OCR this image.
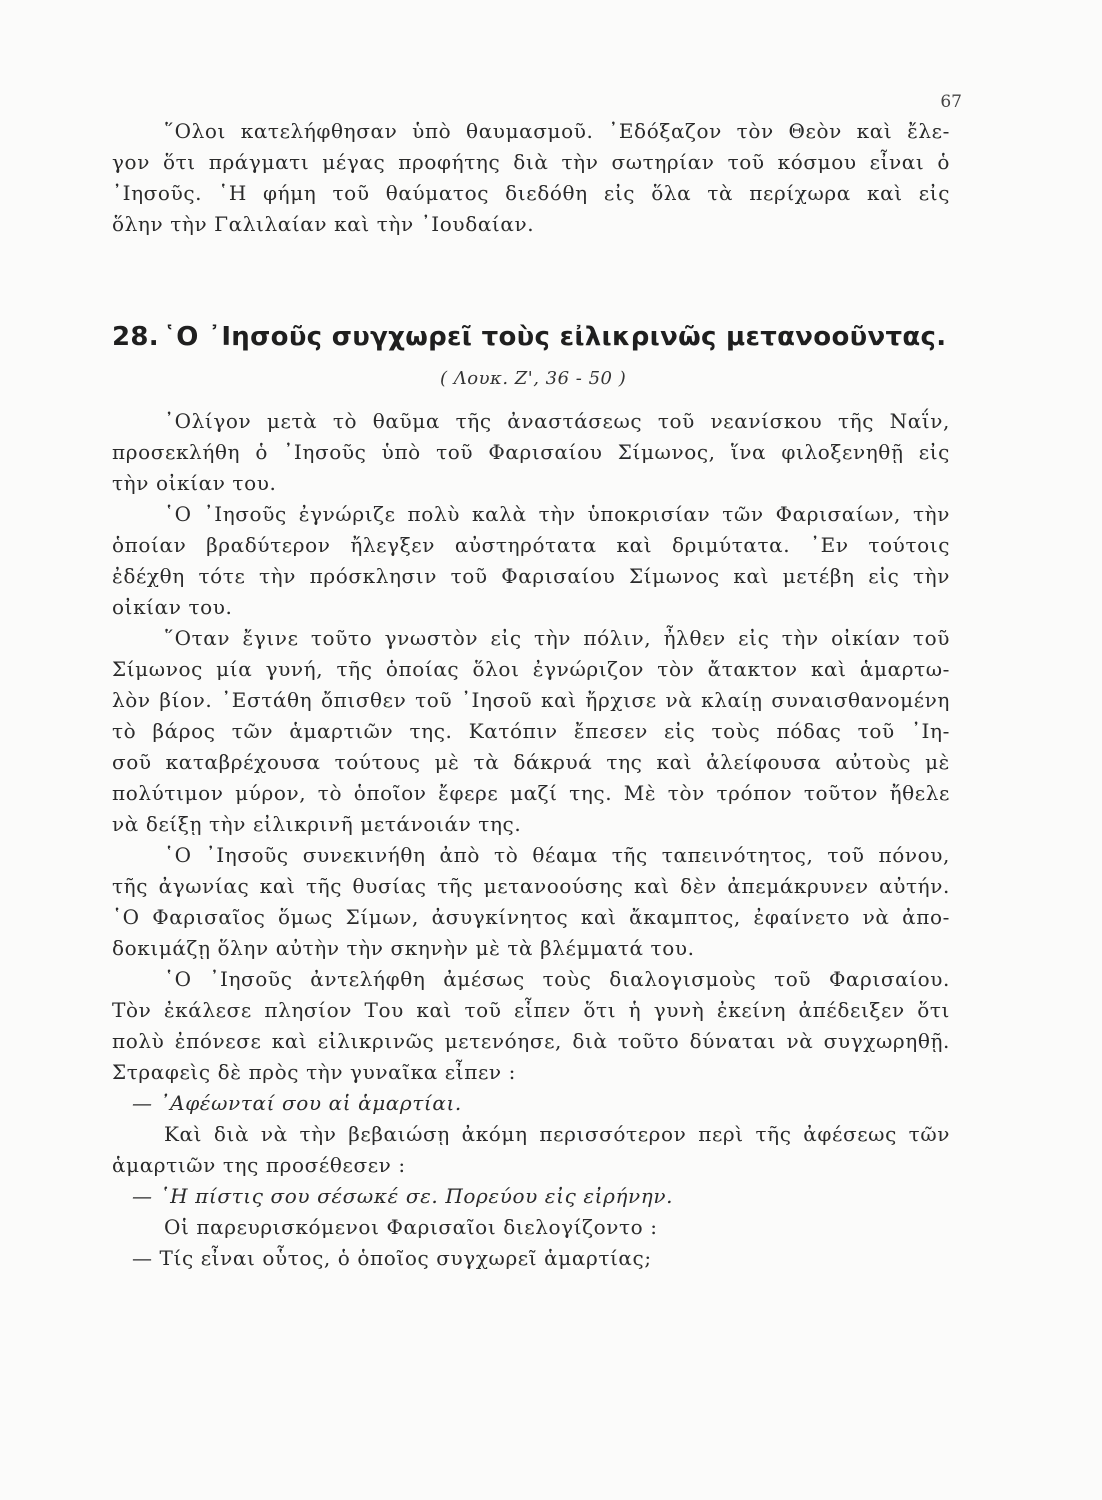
67
῞Ολοι κατελήφθησαν ὑπὸ θαυμασμοῦ. ᾿Εδόξαζον τὸν Θεὸν καὶ ἔλε-
γον ὅτι πράγματι μέγας προφήτης διὰ τὴν σωτηρίαν τοῦ κόσμου εἶναι ὁ
᾿Ιησοῦς. ῾Η φήμη τοῦ θαύματος διεδόθη εἰς ὅλα τὰ περίχωρα καὶ εἰς
ὅλην τὴν Γαλιλαίαν καὶ τὴν ᾿Ιουδαίαν.
28. ῾Ο ᾿Ιησοῦς συγχωρεῖ τοὺς εἰλικρινῶς μετανοοῦντας.
( Λουκ. Ζ', 36 - 50 )
᾿Ολίγον μετὰ τὸ θαῦμα τῆς ἀναστάσεως τοῦ νεανίσκου τῆς Ναΐν,
προσεκλήθη ὁ ᾿Ιησοῦς ὑπὸ τοῦ Φαρισαίου Σίμωνος, ἵνα φιλοξενηθῇ εἰς
τὴν οἰκίαν του.
῾Ο ᾿Ιησοῦς ἐγνώριζε πολὺ καλὰ τὴν ὑποκρισίαν τῶν Φαρισαίων, τὴν
ὁποίαν βραδύτερον ἤλεγξεν αὐστηρότατα καὶ δριμύτατα. ᾿Εν τούτοις
ἐδέχθη τότε τὴν πρόσκλησιν τοῦ Φαρισαίου Σίμωνος καὶ μετέβη εἰς τὴν
οἰκίαν του.
῞Οταν ἔγινε τοῦτο γνωστὸν εἰς τὴν πόλιν, ἦλθεν εἰς τὴν οἰκίαν τοῦ
Σίμωνος μία γυνή, τῆς ὁποίας ὅλοι ἐγνώριζον τὸν ἄτακτον καὶ ἁμαρτω-
λὸν βίον. ᾿Εστάθη ὄπισθεν τοῦ ᾿Ιησοῦ καὶ ἤρχισε νὰ κλαίῃ συναισθανομένη
τὸ βάρος τῶν ἁμαρτιῶν της. Κατόπιν ἔπεσεν εἰς τοὺς πόδας τοῦ ᾿Ιη-
σοῦ καταβρέχουσα τούτους μὲ τὰ δάκρυά της καὶ ἀλείφουσα αὐτοὺς μὲ
πολύτιμον μύρον, τὸ ὁποῖον ἔφερε μαζί της. Μὲ τὸν τρόπον τοῦτον ἤθελε
νὰ δείξῃ τὴν εἰλικρινῆ μετάνοιάν της.
῾Ο ᾿Ιησοῦς συνεκινήθη ἀπὸ τὸ θέαμα τῆς ταπεινότητος, τοῦ πόνου,
τῆς ἀγωνίας καὶ τῆς θυσίας τῆς μετανοούσης καὶ δὲν ἀπεμάκρυνεν αὐτήν.
῾Ο Φαρισαῖος ὅμως Σίμων, ἀσυγκίνητος καὶ ἄκαμπτος, ἐφαίνετο νὰ ἀπο-
δοκιμάζῃ ὅλην αὐτὴν τὴν σκηνὴν μὲ τὰ βλέμματά του.
῾Ο ᾿Ιησοῦς ἀντελήφθη ἀμέσως τοὺς διαλογισμοὺς τοῦ Φαρισαίου.
Τὸν ἐκάλεσε πλησίον Του καὶ τοῦ εἶπεν ὅτι ἡ γυνὴ ἐκείνη ἀπέδειξεν ὅτι
πολὺ ἐπόνεσε καὶ εἰλικρινῶς μετενόησε, διὰ τοῦτο δύναται νὰ συγχωρηθῇ.
Στραφεὶς δὲ πρὸς τὴν γυναῖκα εἶπεν :
— ᾿Αφέωνταί σου αἱ ἁμαρτίαι.
Καὶ διὰ νὰ τὴν βεβαιώσῃ ἀκόμη περισσότερον περὶ τῆς ἀφέσεως τῶν
ἁμαρτιῶν της προσέθεσεν :
— ῾Η πίστις σου σέσωκέ σε. Πορεύου εἰς εἰρήνην.
Οἱ παρευρισκόμενοι Φαρισαῖοι διελογίζοντο :
— Τίς εἶναι οὗτος, ὁ ὁποῖος συγχωρεῖ ἁμαρτίας;
